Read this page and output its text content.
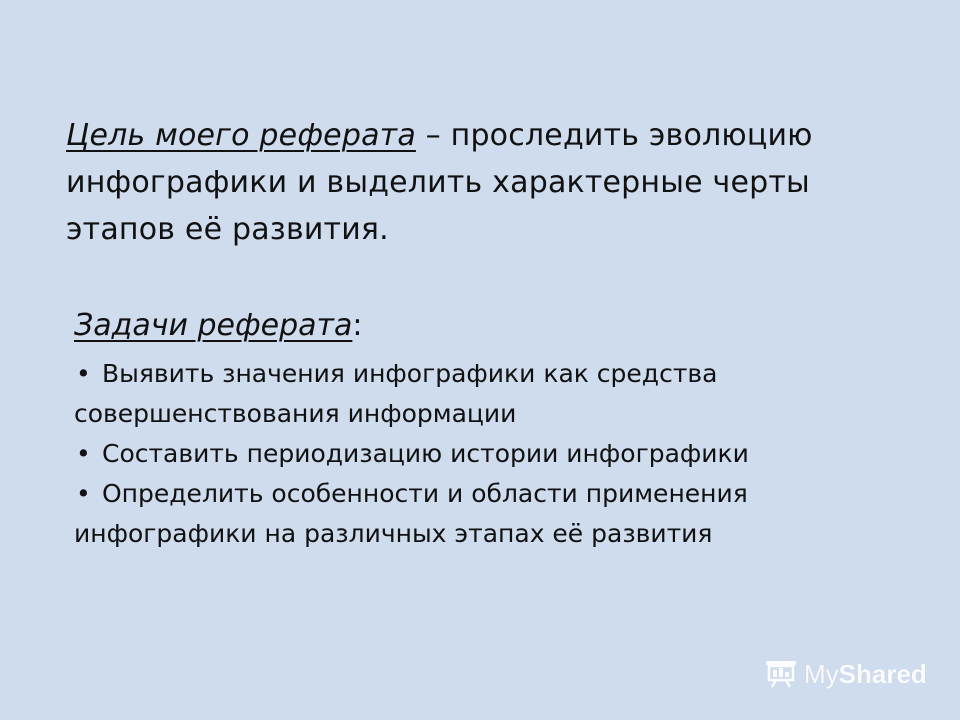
Цель моего реферата – проследить эволюцию инфографики и выделить характерные черты этапов её развития.
Задачи реферата:
• Выявить значения инфографики как средства совершенствования информации
• Составить периодизацию истории инфографики
• Определить особенности и области применения инфографики на различных этапах её развития
MyShared
